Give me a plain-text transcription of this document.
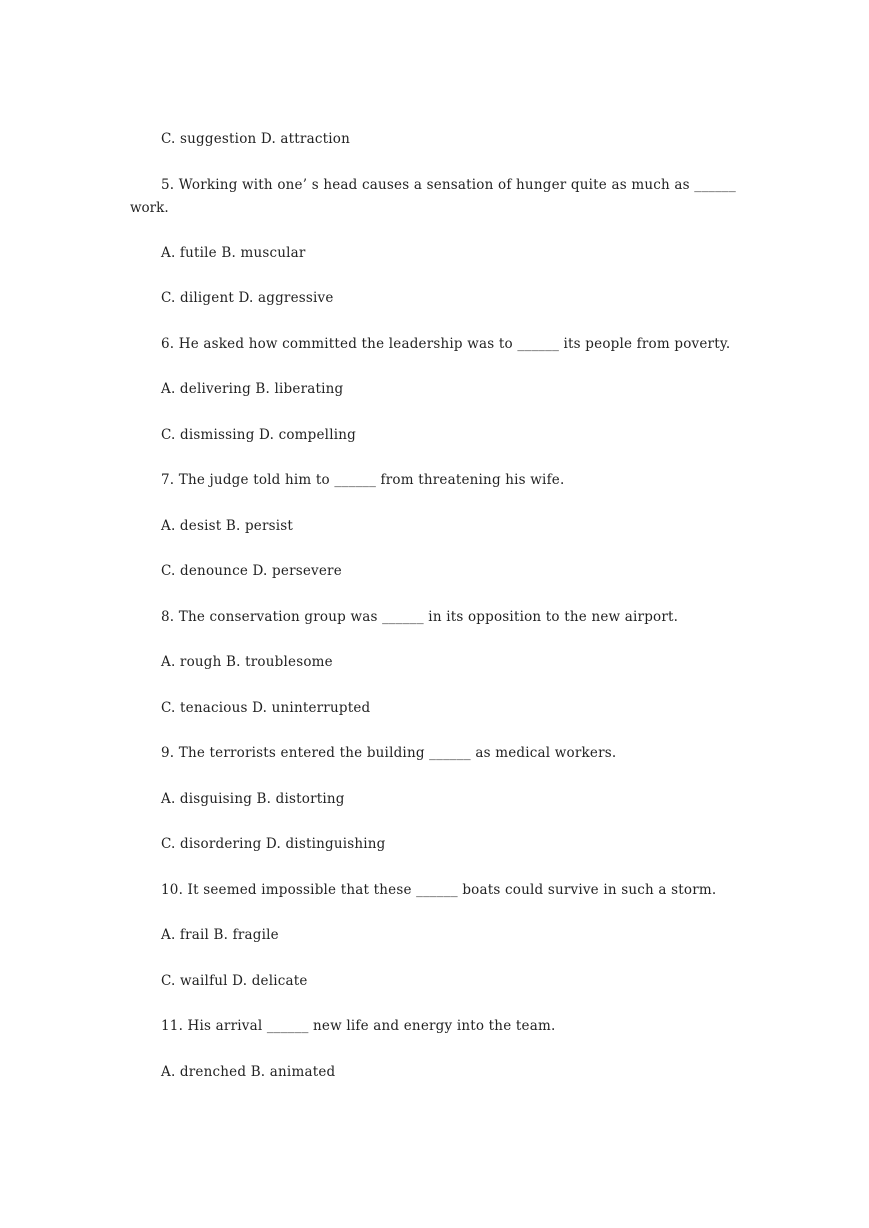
C. suggestion D. attraction
5. Working with one’ s head causes a sensation of hunger quite as much as ______
work.
A. futile B. muscular
C. diligent D. aggressive
6. He asked how committed the leadership was to ______ its people from poverty.
A. delivering B. liberating
C. dismissing D. compelling
7. The judge told him to ______ from threatening his wife.
A. desist B. persist
C. denounce D. persevere
8. The conservation group was ______ in its opposition to the new airport.
A. rough B. troublesome
C. tenacious D. uninterrupted
9. The terrorists entered the building ______ as medical workers.
A. disguising B. distorting
C. disordering D. distinguishing
10. It seemed impossible that these ______ boats could survive in such a storm.
A. frail B. fragile
C. wailful D. delicate
11. His arrival ______ new life and energy into the team.
A. drenched B. animated
